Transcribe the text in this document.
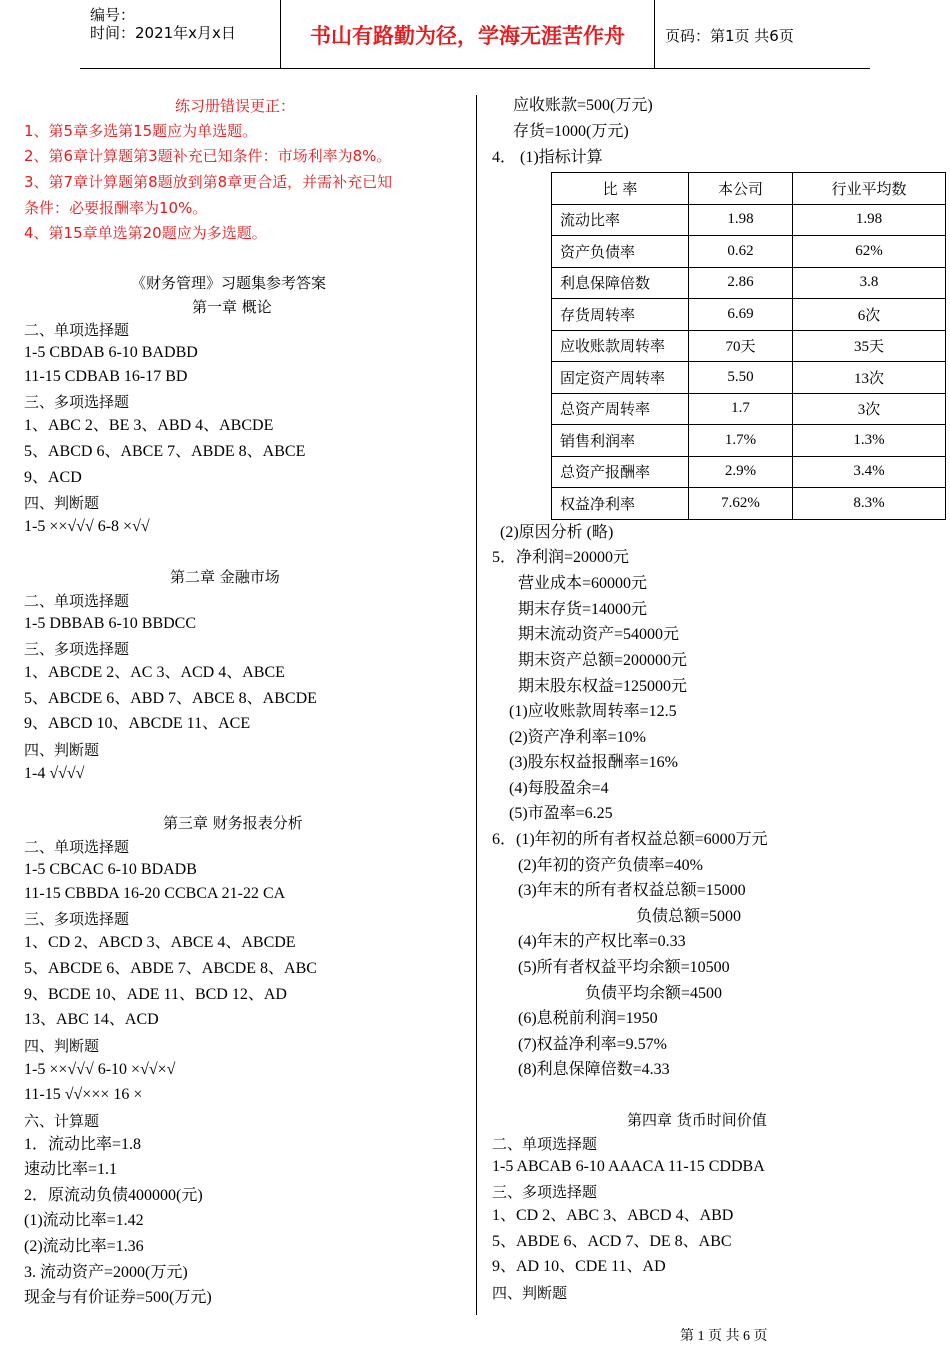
编号：
时间：2021年x月x日	书山有路勤为径，学海无涯苦作舟	页码：第1页 共6页
练习册错误更正：
1、第5章多选第15题应为单选题。
2、第6章计算题第3题补充已知条件：市场利率为8%。
3、第7章计算题第8题放到第8章更合适，并需补充已知
条件：必要报酬率为10%。
4、第15章单选第20题应为多选题。
《财务管理》习题集参考答案
第一章 概论
二、单项选择题
1-5 CBDAB 6-10 BADBD
11-15 CDBAB 16-17 BD
三、多项选择题
1、ABC 2、BE 3、ABD 4、ABCDE
5、ABCD 6、ABCE 7、ABDE 8、ABCE
9、ACD
四、判断题
1-5 ××√√√ 6-8 ×√√
第二章 金融市场
二、单项选择题
1-5 DBBAB 6-10 BBDCC
三、多项选择题
1、ABCDE 2、AC 3、ACD 4、ABCE
5、ABCDE 6、ABD 7、ABCE 8、ABCDE
9、ABCD 10、ABCDE 11、ACE
四、判断题
1-4 √√√√
第三章 财务报表分析
二、单项选择题
1-5 CBCAC 6-10 BDADB
11-15 CBBDA 16-20 CCBCA 21-22 CA
三、多项选择题
1、CD 2、ABCD 3、ABCE 4、ABCDE
5、ABCDE 6、ABDE 7、ABCDE 8、ABC
9、BCDE 10、ADE 11、BCD 12、AD
13、ABC 14、ACD
四、判断题
1-5 ××√√√ 6-10 ×√√×√
11-15 √√××× 16 ×
六、计算题
1．流动比率=1.8
速动比率=1.1
2．原流动负债400000(元)
(1)流动比率=1.42
(2)流动比率=1.36
3. 流动资产=2000(万元)
现金与有价证券=500(万元)
应收账款=500(万元)
存货=1000(万元)
4． (1)指标计算
比 率	本公司	行业平均数
流动比率	1.98	1.98
资产负债率	0.62	62%
利息保障倍数	2.86	3.8
存货周转率	6.69	6次
应收账款周转率	70天	35天
固定资产周转率	5.50	13次
总资产周转率	1.7	3次
销售利润率	1.7%	1.3%
总资产报酬率	2.9%	3.4%
权益净利率	7.62%	8.3%
(2)原因分析 (略)
5．净利润=20000元
营业成本=60000元
期末存货=14000元
期末流动资产=54000元
期末资产总额=200000元
期末股东权益=125000元
(1)应收账款周转率=12.5
(2)资产净利率=10%
(3)股东权益报酬率=16%
(4)每股盈余=4
(5)市盈率=6.25
6．(1)年初的所有者权益总额=6000万元
(2)年初的资产负债率=40%
(3)年末的所有者权益总额=15000
负债总额=5000
(4)年末的产权比率=0.33
(5)所有者权益平均余额=10500
负债平均余额=4500
(6)息税前利润=1950
(7)权益净利率=9.57%
(8)利息保障倍数=4.33
第四章 货币时间价值
二、单项选择题
1-5 ABCAB 6-10 AAACA 11-15 CDDBA
三、多项选择题
1、CD 2、ABC 3、ABCD 4、ABD
5、ABDE 6、ACD 7、DE 8、ABC
9、AD 10、CDE 11、AD
四、判断题
第 1 页 共 6 页
